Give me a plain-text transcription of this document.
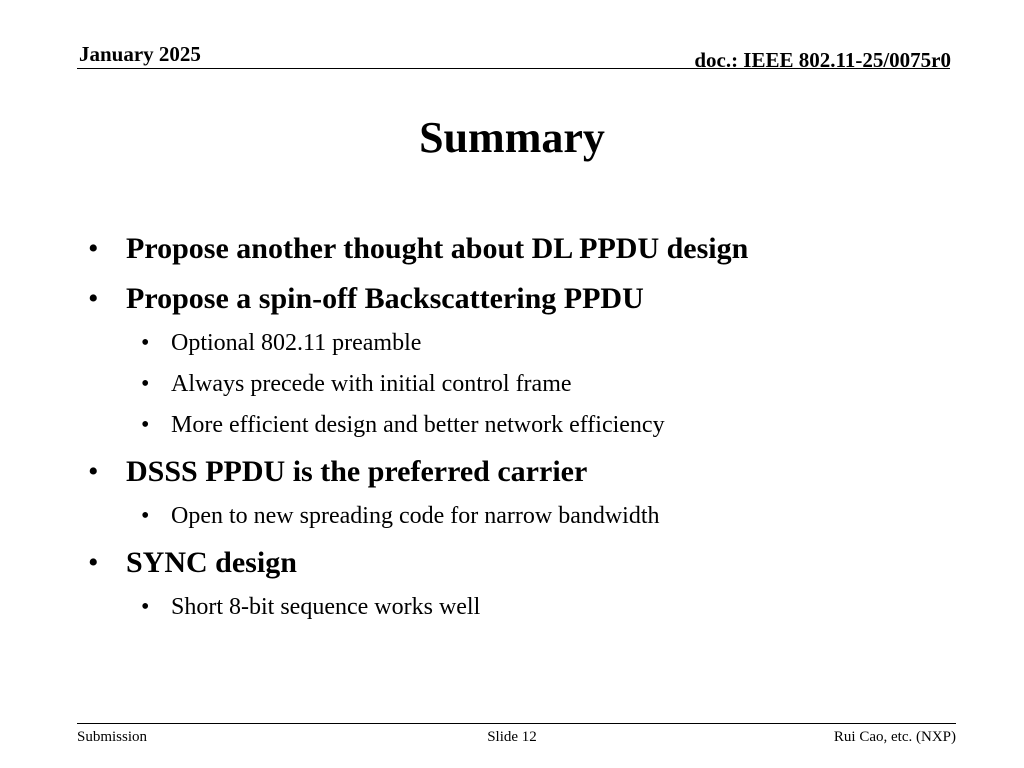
January 2025	doc.: IEEE 802.11-25/0075r0
Summary
• Propose another thought about DL PPDU design
• Propose a spin-off Backscattering PPDU
• Optional 802.11 preamble
• Always precede with initial control frame
• More efficient design and better network efficiency
• DSSS PPDU is the preferred carrier
• Open to new spreading code for narrow bandwidth
• SYNC design
• Short 8-bit sequence works well
Submission	Slide 12	Rui Cao, etc. (NXP)
